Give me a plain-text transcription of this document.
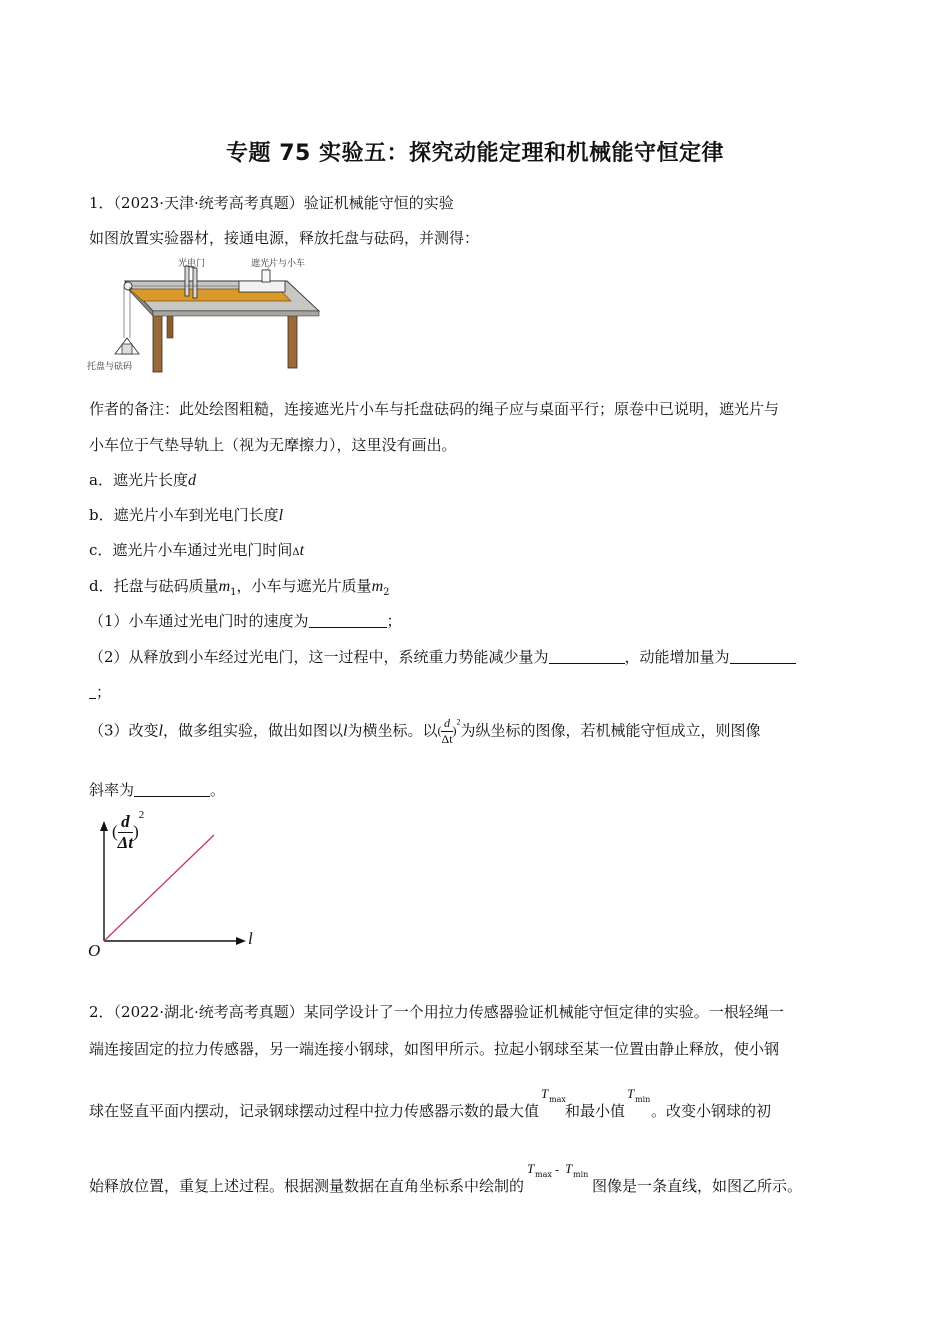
专题 75 实验五：探究动能定理和机械能守恒定律
1．（2023·天津·统考高考真题）验证机械能守恒的实验
如图放置实验器材，接通电源，释放托盘与砝码，并测得：
光电门	遮光片与小车
托盘与砝码
作者的备注：此处绘图粗糙，连接遮光片小车与托盘砝码的绳子应与桌面平行；原卷中已说明，遮光片与
小车位于气垫导轨上（视为无摩擦力），这里没有画出。
a．遮光片长度d
b．遮光片小车到光电门长度l
c．遮光片小车通过光电门时间Δt
d．托盘与砝码质量$m_1$，小车与遮光片质量$m_2$
（1）小车通过光电门时的速度为	；
（2）从释放到小车经过光电门，这一过程中，系统重力势能减少量为	，动能增加量为
；
（3）改变l，做多组实验，做出如图以l为横坐标。以( $\frac{d}{\Delta t} )^2$为纵坐标的图像，若机械能守恒成立，则图像
斜率为	。
( $\frac{d}{\Delta t} )^2$
O
l
2．（2022·湖北·统考高考真题）某同学设计了一个用拉力传感器验证机械能守恒定律的实验。一根轻绳一
端连接固定的拉力传感器，另一端连接小钢球，如图甲所示。拉起小钢球至某一位置由静止释放，使小钢
球在竖直平面内摆动，记录钢球摆动过程中拉力传感器示数的最大值
T max
和最小值
T min
。改变小钢球的初
始释放位置，重复上述过程。根据测量数据在直角坐标系中绘制的
T max - T min
图像是一条直线，如图乙所示。
